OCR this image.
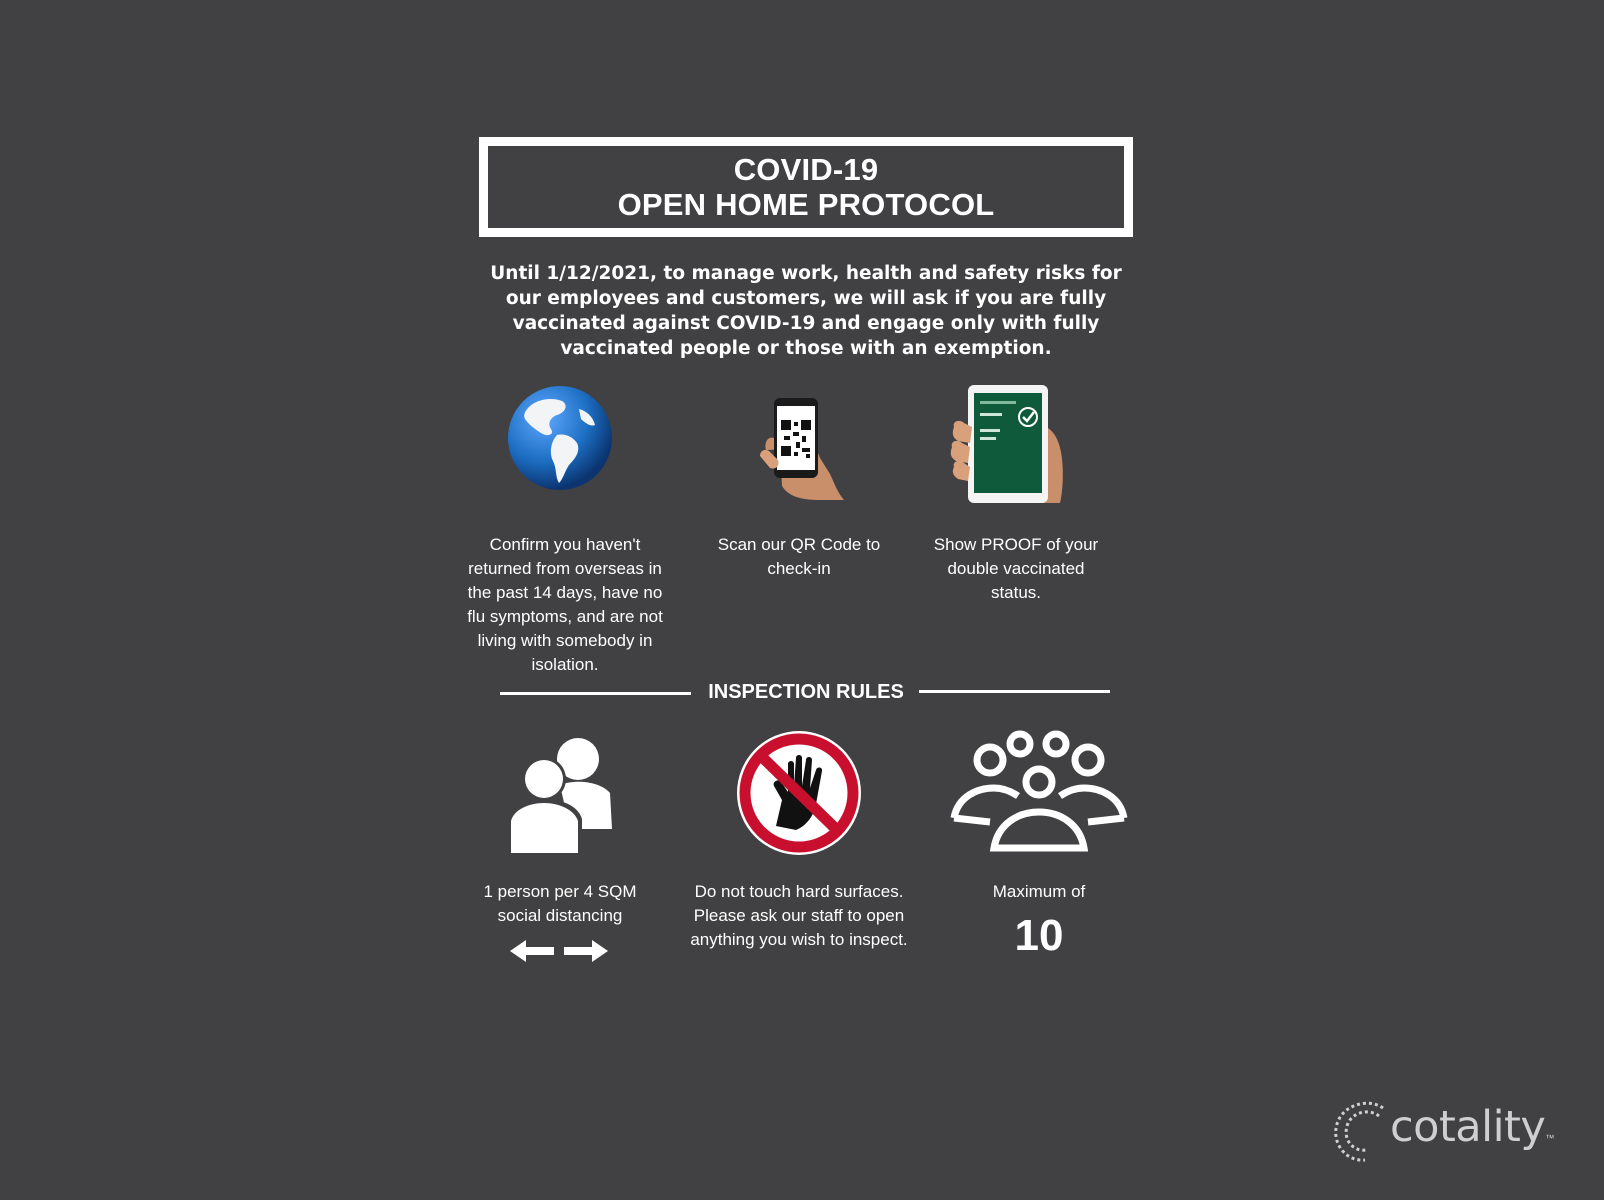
COVID-19
OPEN HOME PROTOCOL
Until 1/12/2021, to manage work, health and safety risks for our employees and customers, we will ask if you are fully vaccinated against COVID-19 and engage only with fully vaccinated people or those with an exemption.
Confirm you haven't returned from overseas in the past 14 days, have no flu symptoms, and are not living with somebody in isolation.
Scan our QR Code to check-in
Show PROOF of your double vaccinated status.
INSPECTION RULES
1 person per 4 SQM social distancing
Do not touch hard surfaces. Please ask our staff to open anything you wish to inspect.
Maximum of
10
cotality™
